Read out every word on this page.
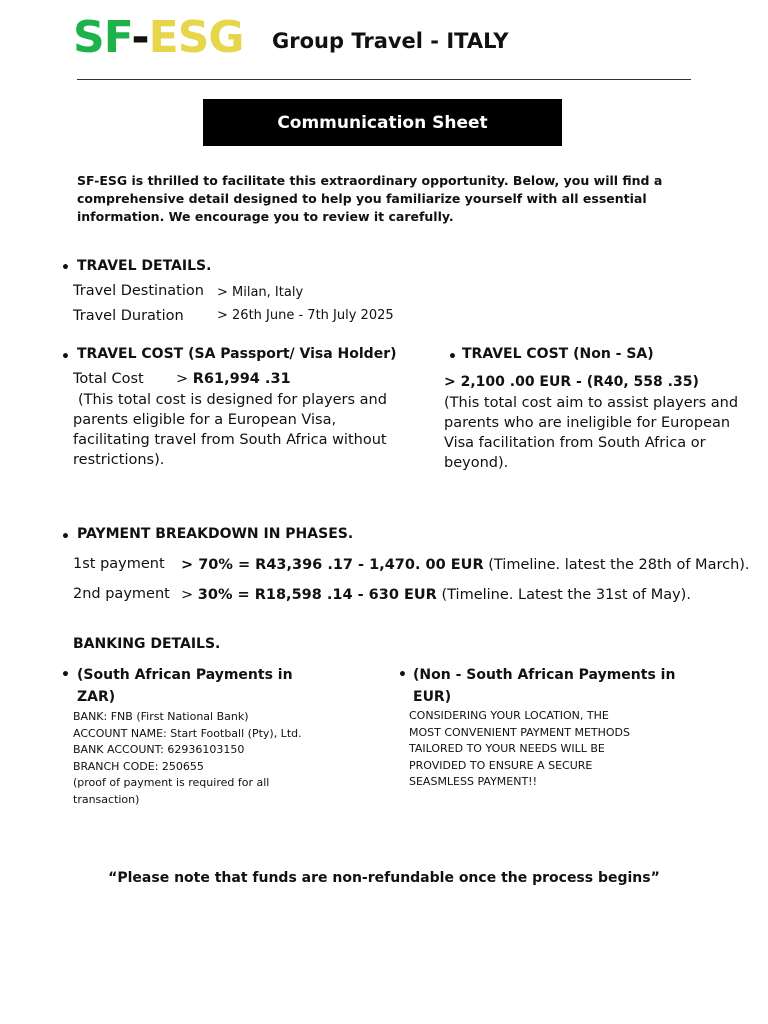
SF-ESG Group Travel - ITALY
Communication Sheet
SF-ESG is thrilled to facilitate this extraordinary opportunity. Below, you will find a comprehensive detail designed to help you familiarize yourself with all essential information. We encourage you to review it carefully.
• TRAVEL DETAILS.
Travel Destination > Milan, Italy
Travel Duration	> 26th June - 7th July 2025
• TRAVEL COST (SA Passport/ Visa Holder)
Total Cost > R61,994 .31
(This total cost is designed for players and parents eligible for a European Visa, facilitating travel from South Africa without restrictions).
• TRAVEL COST (Non - SA)
> 2,100 .00 EUR - (R40, 558 .35)
(This total cost aim to assist players and parents who are ineligible for European Visa facilitation from South Africa or beyond).
• PAYMENT BREAKDOWN IN PHASES.
1st payment > 70% = R43,396 .17 - 1,470. 00 EUR (Timeline. latest the 28th of March).
2nd payment > 30% = R18,598 .14 - 630 EUR (Timeline. Latest the 31st of May).
BANKING DETAILS.
• (South African Payments in
ZAR)
BANK: FNB (First National Bank)
ACCOUNT NAME: Start Football (Pty), Ltd.
BANK ACCOUNT: 62936103150
BRANCH CODE: 250655
(proof of payment is required for all
transaction)
• (Non - South African Payments in
EUR)
CONSIDERING YOUR LOCATION, THE
MOST CONVENIENT PAYMENT METHODS
TAILORED TO YOUR NEEDS WILL BE
PROVIDED TO ENSURE A SECURE
SEASMLESS PAYMENT!!
“Please note that funds are non-refundable once the process begins”
